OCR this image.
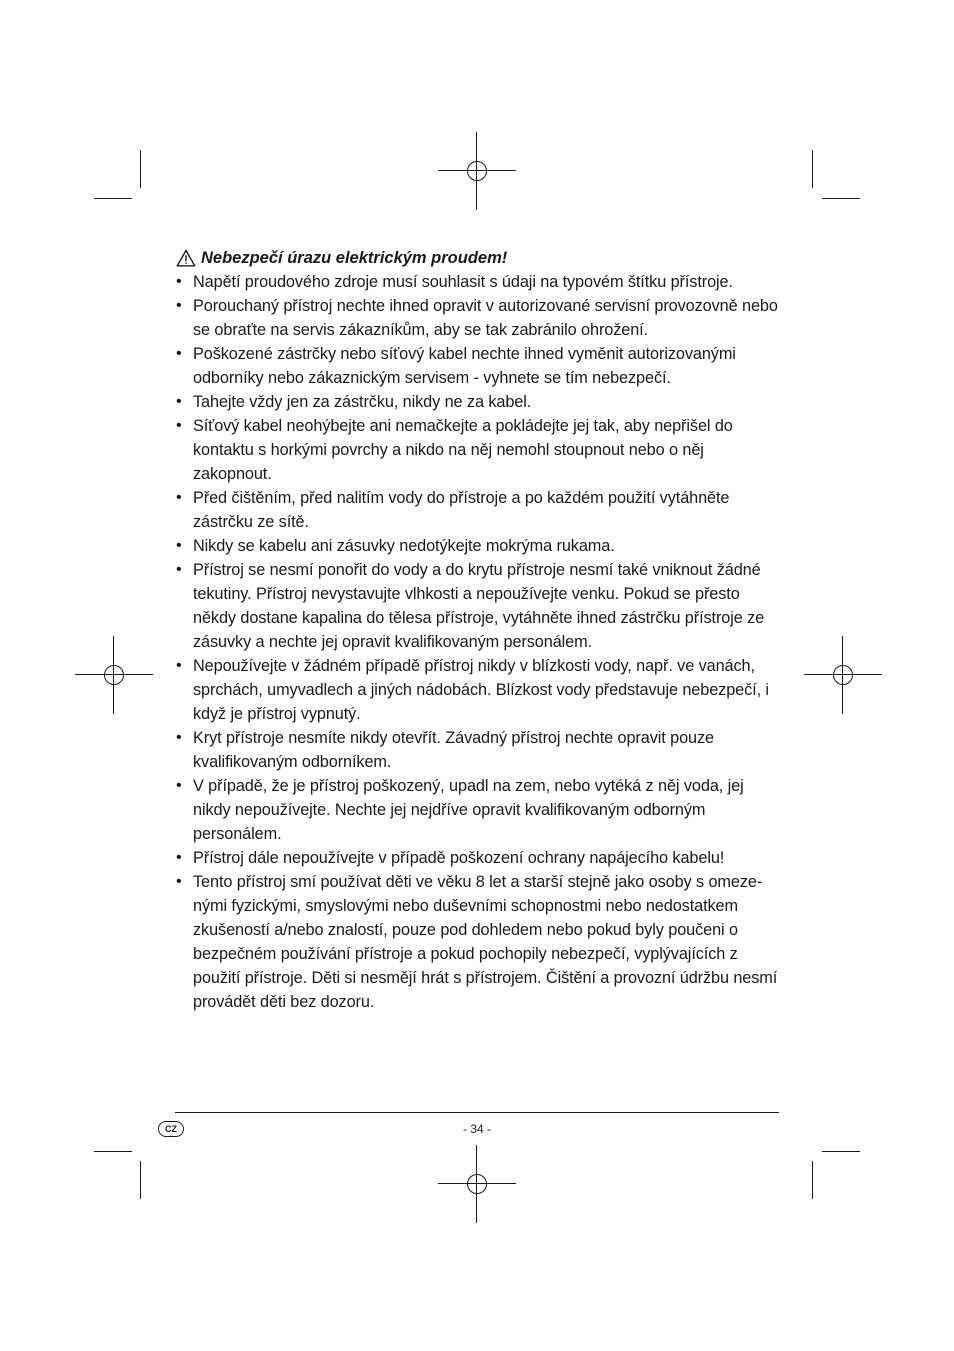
Nebezpečí úrazu elektrickým proudem!
• Napětí proudového zdroje musí souhlasit s údaji na typovém štítku přístroje.
• Porouchaný přístroj nechte ihned opravit v autorizované servisní provozovně nebo se obraťte na servis zákazníkům, aby se tak zabránilo ohrožení.
• Poškozené zástrčky nebo síťový kabel nechte ihned vyměnit autorizovanými odborníky nebo zákaznickým servisem - vyhnete se tím nebezpečí.
• Tahejte vždy jen za zástrčku, nikdy ne za kabel.
• Síťový kabel neohýbejte ani nemačkejte a pokládejte jej tak, aby nepřišel do kontaktu s horkými povrchy a nikdo na něj nemohl stoupnout nebo o něj zakopnout.
• Před čištěním, před nalitím vody do přístroje a po každém použití vytáhněte zástrčku ze sítě.
• Nikdy se kabelu ani zásuvky nedotýkejte mokrýma rukama.
• Přístroj se nesmí ponořit do vody a do krytu přístroje nesmí také vniknout žádné tekutiny. Přístroj nevystavujte vlhkosti a nepoužívejte venku. Pokud se přesto někdy dostane kapalina do tělesa přístroje, vytáhněte ihned zástrčku přístroje ze zásuvky a nechte jej opravit kvalifikovaným personálem.
• Nepoužívejte v žádném případě přístroj nikdy v blízkosti vody, např. ve vanách, sprchách, umyvadlech a jiných nádobách. Blízkost vody představuje nebezpečí, i když je přístroj vypnutý.
• Kryt přístroje nesmíte nikdy otevřít. Závadný přístroj nechte opravit pouze kvalifikovaným odborníkem.
• V případě, že je přístroj poškozený, upadl na zem, nebo vytéká z něj voda, jej nikdy nepoužívejte. Nechte jej nejdříve opravit kvalifikovaným odborným personálem.
• Přístroj dále nepoužívejte v případě poškození ochrany napájecího kabelu!
• Tento přístroj smí používat děti ve věku 8 let a starší stejně jako osoby s omeze-nými fyzickými, smyslovými nebo duševními schopnostmi nebo nedostatkem zkušeností a/nebo znalostí, pouze pod dohledem nebo pokud byly poučeni o bezpečném používání přístroje a pokud pochopily nebezpečí, vyplývajících z použití přístroje. Děti si nesmějí hrát s přístrojem. Čištění a provozní údržbu nesmí provádět děti bez dozoru.
CZ	- 34 -
